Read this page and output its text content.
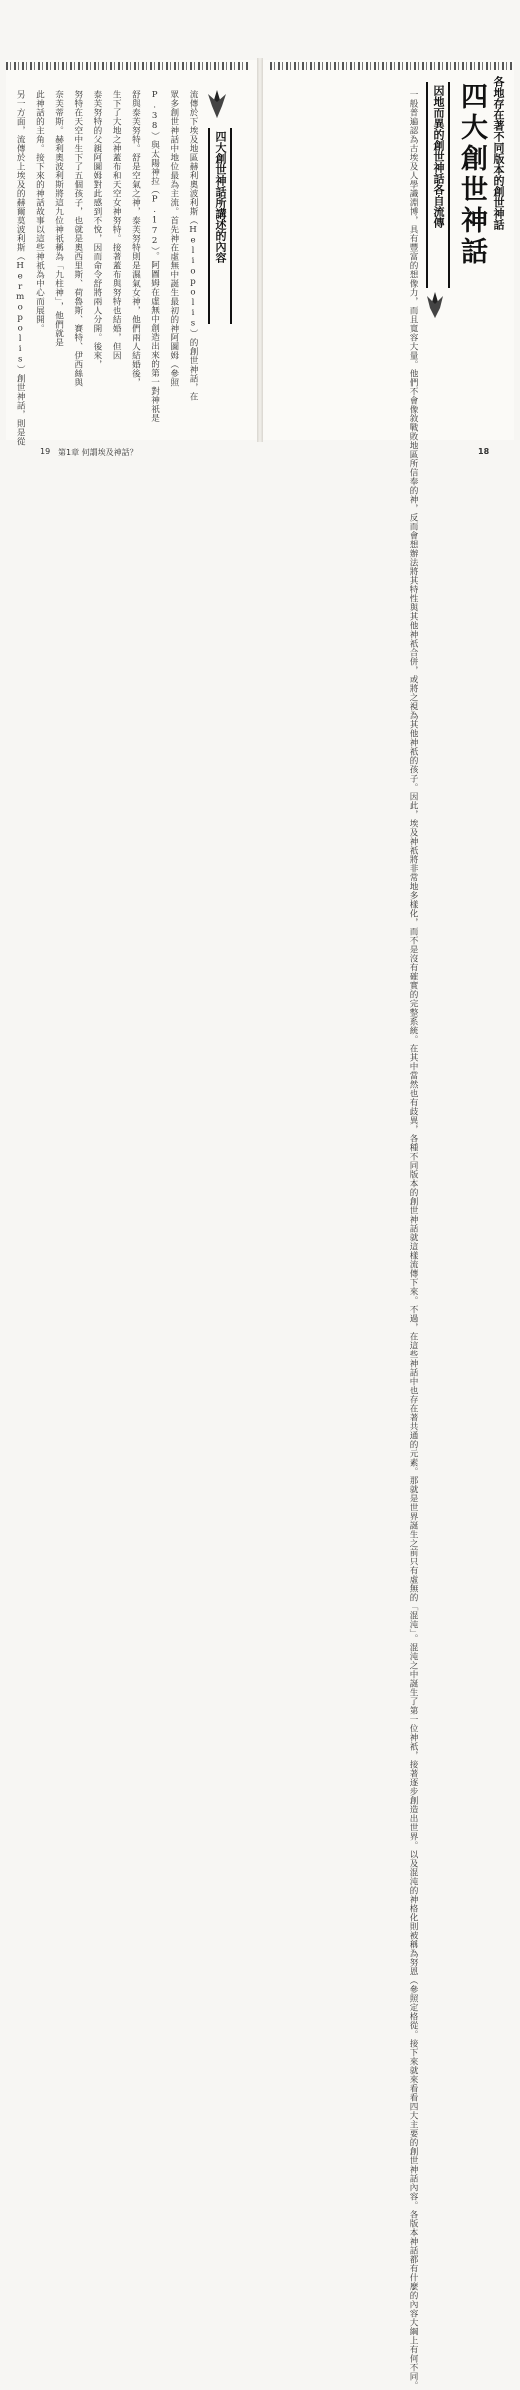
各地存在著不同版本的創世神話
四大創世神話
因地而異的創世神話各自流傳
一般普遍認為古埃及人學識淵博，具有豐富的想像力，而且寬容大量。他們
不會像敘戰敗地區所信奉的神，反而會想辦法將其特性與其他神祇合併，或將之
視為其他神祇的孩子。因此，埃及神祇將非常地多樣化，而不是沒有確實
的完整系統。在其中當然也有歧異，各種不同版本的創世神話就這樣流傳下來。
不過，在這些神話中也存在著共通的元素。那就是世界誕生之前只有虛無的「混
沌」。混沌之中誕生了第一位神祇，接著逐步創造出世界。以及混沌的神格化則被稱為努恩（參照
定格從。接下來就來看看四大主要的創世神話內容。各版本神話都有什麼的內容大綱上有何不同。
四大創世神話所講述的內容
流傳於下埃及地區赫利奧波利斯（Heliopolis）的創世神話，在
眾多創世神話中地位最為主流。首先神在虛無中誕生最初的神阿圖姆（參照
P.38）與太陽神拉（P.172）。阿圖姆在虛無中創造出來的第一對神祇是
舒與泰芙努特。舒是空氣之神，泰芙努特則是濕氣女神，他們兩人結婚後，
生下了大地之神蓋布和天空女神努特。接著蓋布與努特也結婚，但因
泰芙努特的父親阿圖姆對此感到不悅，因而命令舒將兩人分開。後來，
努特在天空中生下了五個孩子，也就是奧西里斯、荷魯斯、賽特、伊西絲與
奈芙蒂斯。赫利奧波利斯將這九位神祇稱為「九柱神」，他們就是
此神話的主角。接下來的神話故事以這些神祇為中心而展開。
另一方面，流傳於上埃及的赫爾莫波利斯（Hermopolis）創世神話，則是從
19 第1章 何謂埃及神話？	18
